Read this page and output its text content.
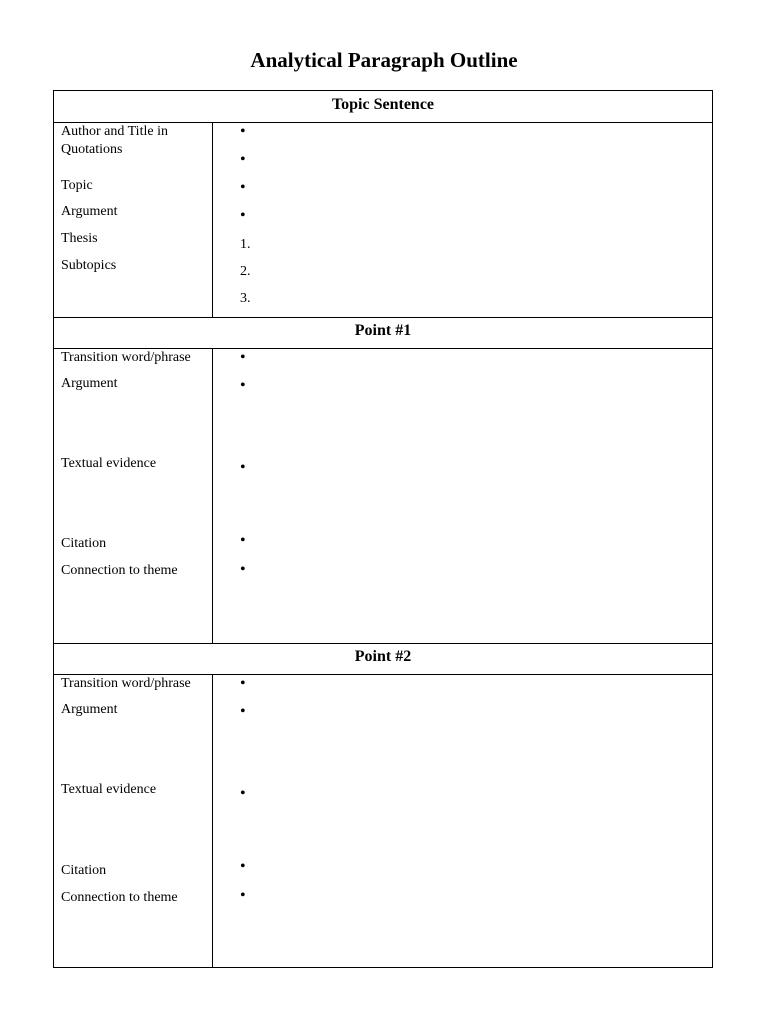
Analytical Paragraph Outline
Topic Sentence
Author and Title in
Quotations
Topic
Argument
Thesis
Subtopics
•
•
•
•
1.
2.
3.
Point #1
Transition word/phrase
Argument
Textual evidence
Citation
Connection to theme
•
•
•
•
•
Point #2
Transition word/phrase
Argument
Textual evidence
Citation
Connection to theme
•
•
•
•
•
